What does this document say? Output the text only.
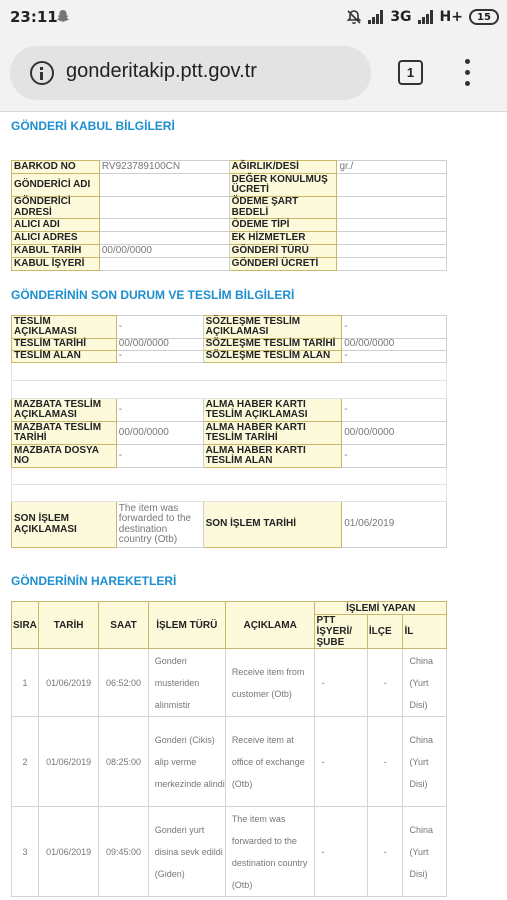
23:11	3G H+ 15
gonderitakip.ptt.gov.tr	1
GÖNDERİ KABUL BİLGİLERİ
BARKOD NO	RV923789100CN	AĞIRLIK/DESİ	gr./
GÖNDERİCİ ADI		DEĞER KONULMUŞ ÜCRETİ	
GÖNDERİCİ ADRESİ		ÖDEME ŞART BEDELİ	
ALICI ADI		ÖDEME TİPİ	
ALICI ADRES		EK HİZMETLER	
KABUL TARİH	00/00/0000	GÖNDERİ TÜRÜ	
KABUL İŞYERİ		GÖNDERİ ÜCRETİ	
GÖNDERİNİN SON DURUM VE TESLİM BİLGİLERİ
TESLİM AÇIKLAMASI	-	SÖZLEŞME TESLİM AÇIKLAMASI	-
TESLİM TARİHİ	00/00/0000	SÖZLEŞME TESLİM TARİHİ	00/00/0000
TESLİM ALAN	-	SÖZLEŞME TESLİM ALAN	-

MAZBATA TESLİM AÇIKLAMASI	-	ALMA HABER KARTI TESLİM AÇIKLAMASI	-
MAZBATA TESLİM TARİHİ	00/00/0000	ALMA HABER KARTI TESLİM TARİHİ	00/00/0000
MAZBATA DOSYA NO	-	ALMA HABER KARTI TESLİM ALAN	-

SON İŞLEM AÇIKLAMASI	The item was forwarded to the destination country (Otb)	SON İŞLEM TARİHİ	01/06/2019
GÖNDERİNİN HAREKETLERİ
SIRA	TARİH	SAAT	İŞLEM TÜRÜ	AÇIKLAMA	İŞLEMİ YAPAN		
					PTT İŞYERİ/ ŞUBE	İLÇE	İL
1	01/06/2019	06:52:00	Gonderi musteriden alinmistir	Receive item from customer (Otb)	-	-	China (Yurt Disi)
2	01/06/2019	08:25:00	Gonderi (Cikis) alip verme merkezinde alindi	Receive item at office of exchange (Otb)	-	-	China (Yurt Disi)
3	01/06/2019	09:45:00	Gonderi yurt disina sevk edildi (Giden)	The item was forwarded to the destination country (Otb)	-	-	China (Yurt Disi)
